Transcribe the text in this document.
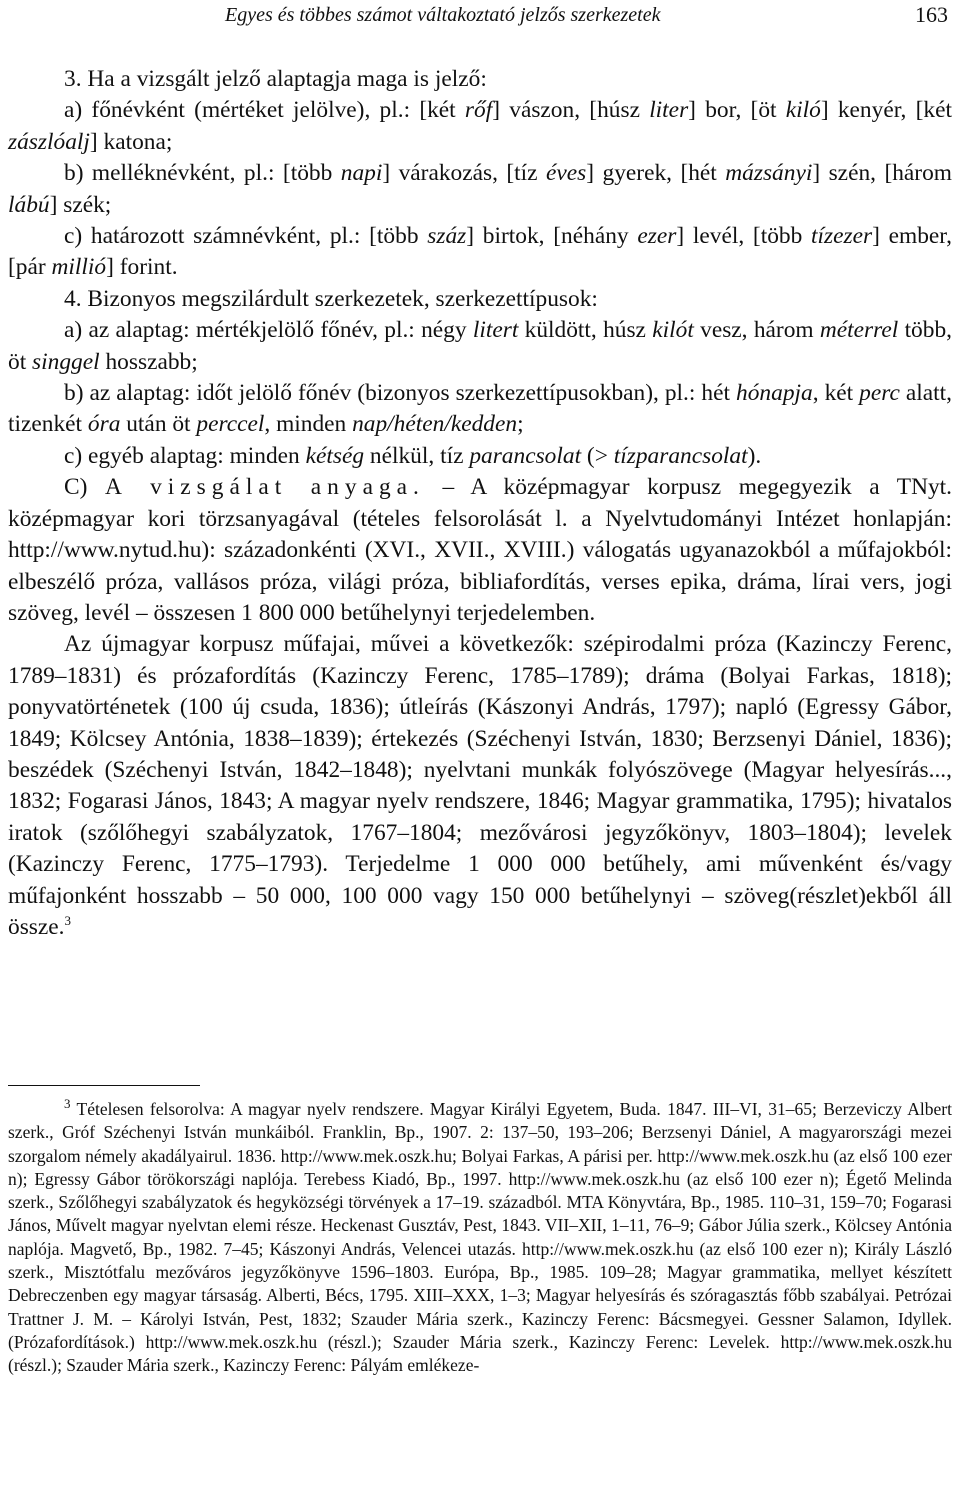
Egyes és többes számot váltakoztató jelzős szerkezetek	163

3. Ha a vizsgált jelző alaptagja maga is jelző:

a) főnévként (mértéket jelölve), pl.: [két rőf] vászon, [húsz liter] bor, [öt kiló] kenyér, [két zászlóalj] katona;

b) melléknévként, pl.: [több napi] várakozás, [tíz éves] gyerek, [hét mázsányi] szén, [három lábú] szék;

c) határozott számnévként, pl.: [több száz] birtok, [néhány ezer] levél, [több tízezer] ember, [pár millió] forint.

4. Bizonyos megszilárdult szerkezetek, szerkezettípusok:

a) az alaptag: mértékjelölő főnév, pl.: négy litert küldött, húsz kilót vesz, három méterrel több, öt singgel hosszabb;

b) az alaptag: időt jelölő főnév (bizonyos szerkezettípusokban), pl.: hét hónapja, két perc alatt, tizenkét óra után öt perccel, minden nap/héten/kedden;

c) egyéb alaptag: minden kétség nélkül, tíz parancsolat (> tízparancsolat).

C) A vizsgálat anyaga. – A középmagyar korpusz megegyezik a TNyt. középmagyar kori törzsanyagával (tételes felsorolását l. a Nyelvtudományi Intézet honlapján: http://www.nytud.hu): századonkénti (XVI., XVII., XVIII.) válogatás ugyanazokból a műfajokból: elbeszélő próza, vallásos próza, világi próza, bibliafordítás, verses epika, dráma, lírai vers, jogi szöveg, levél – összesen 1 800 000 betűhelynyi terjedelemben.

Az újmagyar korpusz műfajai, művei a következők: szépirodalmi próza (Kazinczy Ferenc, 1789–1831) és prózafordítás (Kazinczy Ferenc, 1785–1789); dráma (Bolyai Farkas, 1818); ponyvatörténetek (100 új csuda, 1836); útleírás (Kászonyi András, 1797); napló (Egressy Gábor, 1849; Kölcsey Antónia, 1838–1839); értekezés (Széchenyi István, 1830; Berzsenyi Dániel, 1836); beszédek (Széchenyi István, 1842–1848); nyelvtani munkák folyószövege (Magyar helyesírás..., 1832; Fogarasi János, 1843; A magyar nyelv rendszere, 1846; Magyar grammatika, 1795); hivatalos iratok (szőlőhegyi szabályzatok, 1767–1804; mezővárosi jegyzőkönyv, 1803–1804); levelek (Kazinczy Ferenc, 1775–1793). Terjedelme 1 000 000 betűhely, ami művenként és/vagy műfajonként hosszabb – 50 000, 100 000 vagy 150 000 betűhelynyi – szöveg(részlet)ekből áll össze.$^3$

$^3$ Tételesen felsorolva: A magyar nyelv rendszere. Magyar Királyi Egyetem, Buda. 1847. III–VI, 31–65; Berzeviczy Albert szerk., Gróf Széchenyi István munkáiból. Franklin, Bp., 1907. 2: 137–50, 193–206; Berzsenyi Dániel, A magyarországi mezei szorgalom némely akadályairul. 1836. http://www.mek.oszk.hu; Bolyai Farkas, A párisi per. http://www.mek.oszk.hu (az első 100 ezer n); Egressy Gábor törökországi naplója. Terebess Kiadó, Bp., 1997. http://www.mek.oszk.hu (az első 100 ezer n); Égető Melinda szerk., Szőlőhegyi szabályzatok és hegyközségi törvények a 17–19. századból. MTA Könyvtára, Bp., 1985. 110–31, 159–70; Fogarasi János, Művelt magyar nyelvtan elemi része. Heckenast Gusztáv, Pest, 1843. VII–XII, 1–11, 76–9; Gábor Júlia szerk., Kölcsey Antónia naplója. Magvető, Bp., 1982. 7–45; Kászonyi András, Velencei utazás. http://www.mek.oszk.hu (az első 100 ezer n); Király László szerk., Misztótfalu mezőváros jegyzőkönyve 1596–1803. Európa, Bp., 1985. 109–28; Magyar grammatika, mellyet készített Debreczenben egy magyar társaság. Alberti, Bécs, 1795. XIII–XXX, 1–3; Magyar helyesírás és szóragasztás főbb szabályai. Petrózai Trattner J. M. – Károlyi István, Pest, 1832; Szauder Mária szerk., Kazinczy Ferenc: Bácsmegyei. Gessner Salamon, Idyllek. (Prózafordítások.) http://www.mek.oszk.hu (részl.); Szauder Mária szerk., Kazinczy Ferenc: Levelek. http://www.mek.oszk.hu (részl.); Szauder Mária szerk., Kazinczy Ferenc: Pályám emlékeze-
